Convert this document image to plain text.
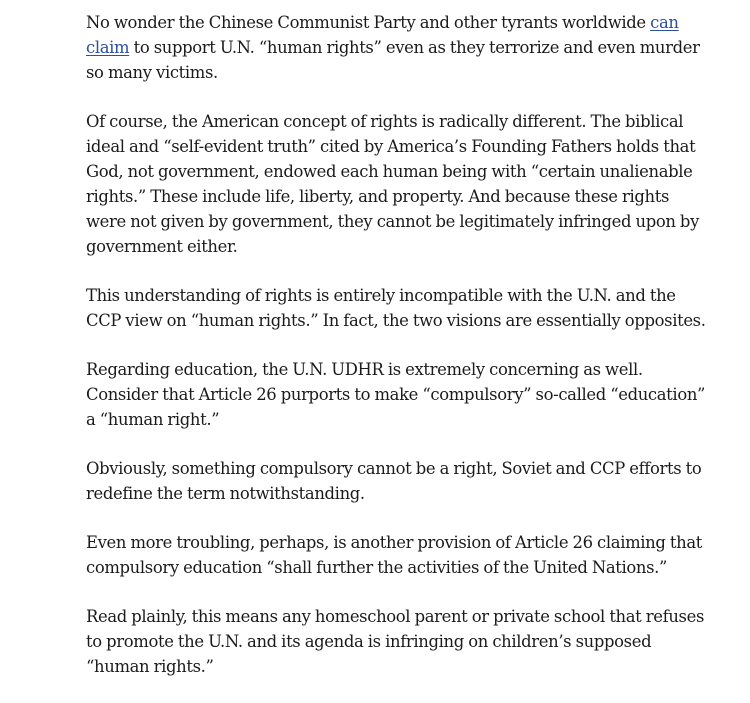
No wonder the Chinese Communist Party and other tyrants worldwide can claim to support U.N. “human rights” even as they terrorize and even murder so many victims.

Of course, the American concept of rights is radically different. The biblical ideal and “self-evident truth” cited by America’s Founding Fathers holds that God, not government, endowed each human being with “certain unalienable rights.” These include life, liberty, and property. And because these rights were not given by government, they cannot be legitimately infringed upon by government either.

This understanding of rights is entirely incompatible with the U.N. and the CCP view on “human rights.” In fact, the two visions are essentially opposites.

Regarding education, the U.N. UDHR is extremely concerning as well. Consider that Article 26 purports to make “compulsory” so-called “education” a “human right.”

Obviously, something compulsory cannot be a right, Soviet and CCP efforts to redefine the term notwithstanding.

Even more troubling, perhaps, is another provision of Article 26 claiming that compulsory education “shall further the activities of the United Nations.”

Read plainly, this means any homeschool parent or private school that refuses to promote the U.N. and its agenda is infringing on children’s supposed “human rights.”
